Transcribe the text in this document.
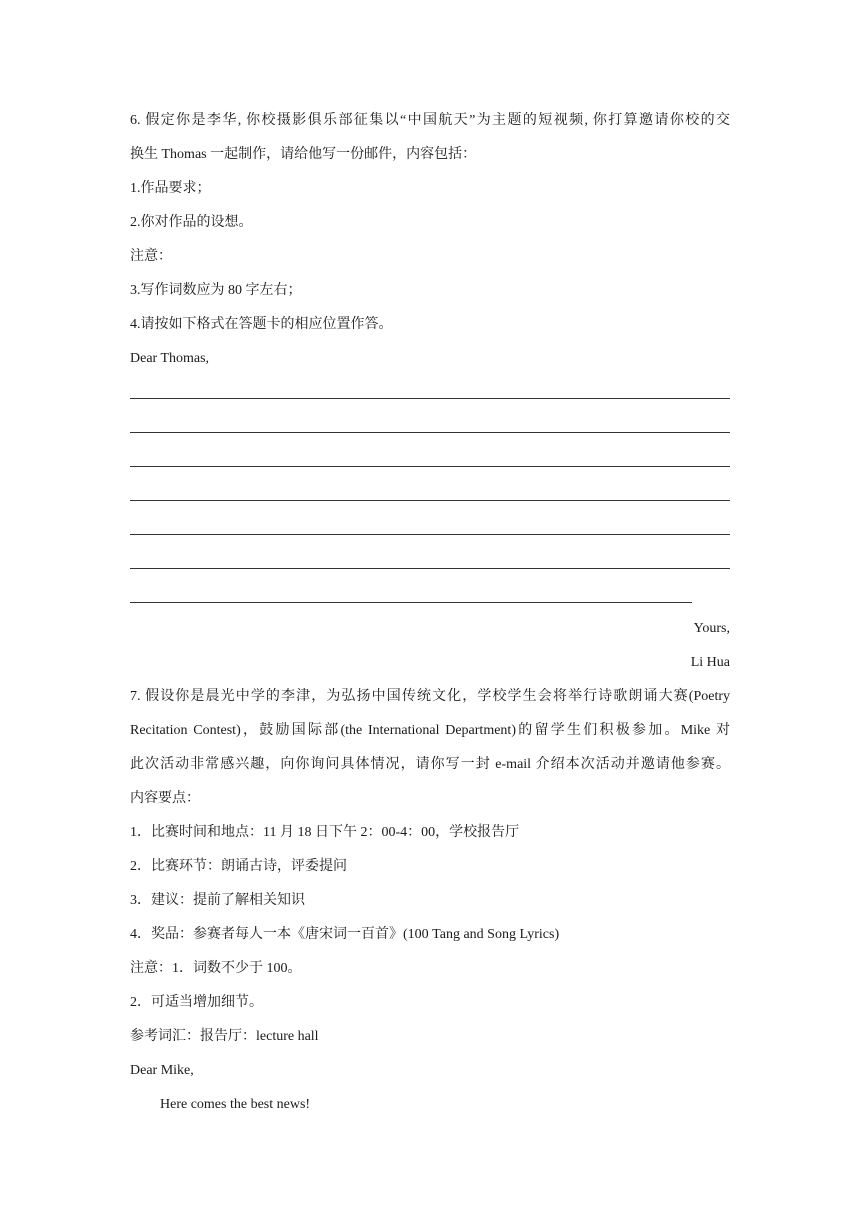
6. 假定你是李华, 你校摄影俱乐部征集以“中国航天”为主题的短视频, 你打算邀请你校的交
换生 Thomas 一起制作，请给他写一份邮件，内容包括：
1.作品要求；
2.你对作品的设想。
注意：
3.写作词数应为 80 字左右；
4.请按如下格式在答题卡的相应位置作答。
Dear Thomas,
Yours,
Li Hua
7. 假设你是晨光中学的李津，为弘扬中国传统文化，学校学生会将举行诗歌朗诵大赛(Poetry
Recitation Contest)，鼓励国际部(the International Department)的留学生们积极参加。Mike 对
此次活动非常感兴趣，向你询问具体情况，请你写一封 e-mail 介绍本次活动并邀请他参赛。
内容要点：
1．比赛时间和地点：11 月 18 日下午 2：00-4：00，学校报告厅
2．比赛环节：朗诵古诗，评委提问
3．建议：提前了解相关知识
4．奖品：参赛者每人一本《唐宋词一百首》(100 Tang and Song Lyrics)
注意：1．词数不少于 100。
2．可适当增加细节。
参考词汇：报告厅：lecture hall
Dear Mike,
Here comes the best news!
